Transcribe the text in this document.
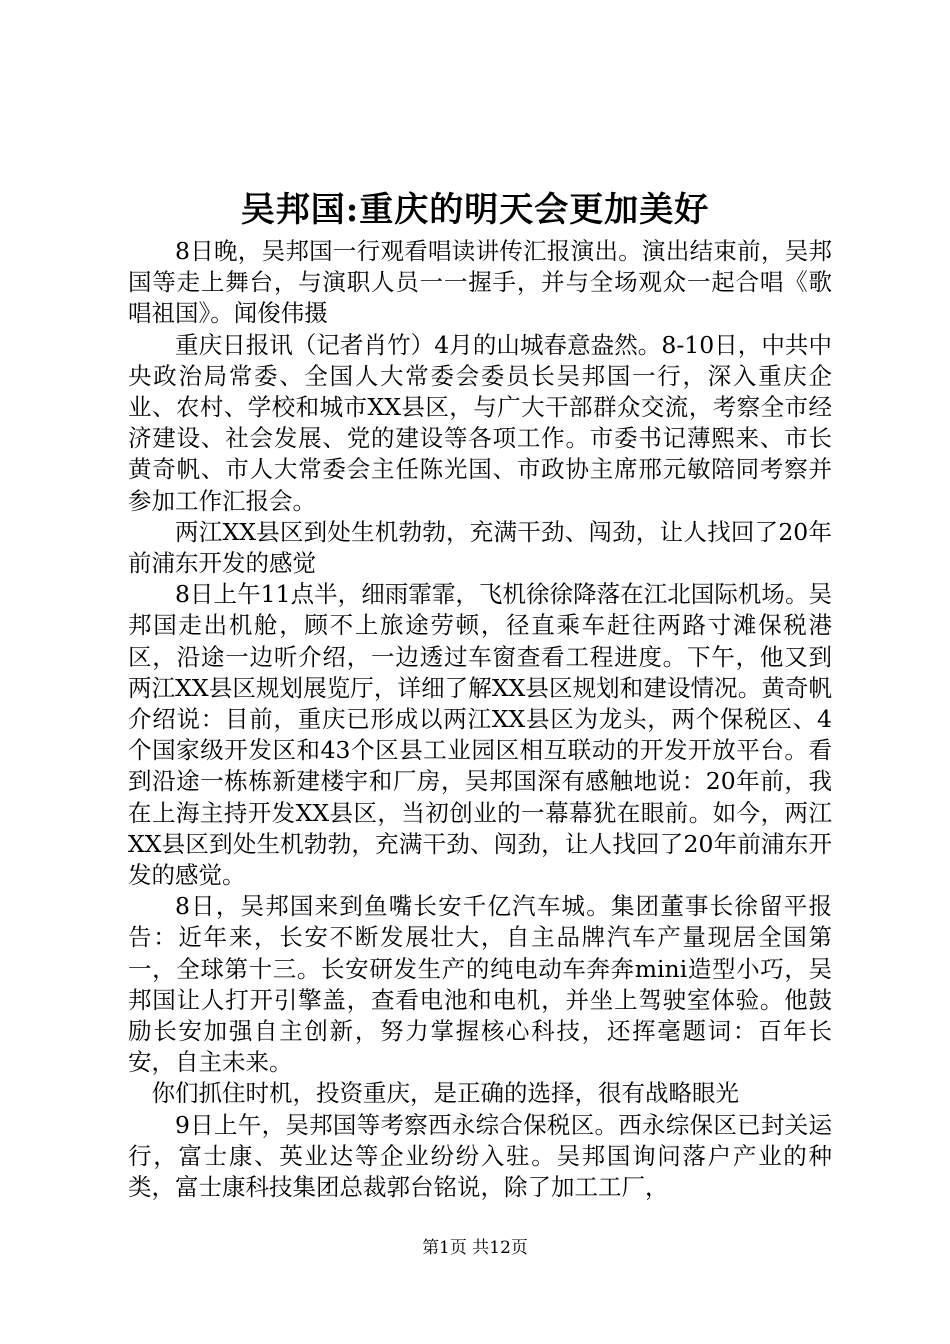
吴邦国:重庆的明天会更加美好

8日晚，吴邦国一行观看唱读讲传汇报演出。演出结束前，吴邦国等走上舞台，与演职人员一一握手，并与全场观众一起合唱《歌唱祖国》。闻俊伟摄

重庆日报讯（记者肖竹）4月的山城春意盎然。8-10日，中共中央政治局常委、全国人大常委会委员长吴邦国一行，深入重庆企业、农村、学校和城市XX县区，与广大干部群众交流，考察全市经济建设、社会发展、党的建设等各项工作。市委书记薄熙来、市长黄奇帆、市人大常委会主任陈光国、市政协主席邢元敏陪同考察并参加工作汇报会。

两江XX县区到处生机勃勃，充满干劲、闯劲，让人找回了20年前浦东开发的感觉

8日上午11点半，细雨霏霏，飞机徐徐降落在江北国际机场。吴邦国走出机舱，顾不上旅途劳顿，径直乘车赶往两路寸滩保税港区，沿途一边听介绍，一边透过车窗查看工程进度。下午，他又到两江XX县区规划展览厅，详细了解XX县区规划和建设情况。黄奇帆介绍说：目前，重庆已形成以两江XX县区为龙头，两个保税区、4个国家级开发区和43个区县工业园区相互联动的开发开放平台。看到沿途一栋栋新建楼宇和厂房，吴邦国深有感触地说：20年前，我在上海主持开发XX县区，当初创业的一幕幕犹在眼前。如今，两江XX县区到处生机勃勃，充满干劲、闯劲，让人找回了20年前浦东开发的感觉。

8日，吴邦国来到鱼嘴长安千亿汽车城。集团董事长徐留平报告：近年来，长安不断发展壮大，自主品牌汽车产量现居全国第一，全球第十三。长安研发生产的纯电动车奔奔mini造型小巧，吴邦国让人打开引擎盖，查看电池和电机，并坐上驾驶室体验。他鼓励长安加强自主创新，努力掌握核心科技，还挥毫题词：百年长安，自主未来。

你们抓住时机，投资重庆，是正确的选择，很有战略眼光

9日上午，吴邦国等考察西永综合保税区。西永综保区已封关运行，富士康、英业达等企业纷纷入驻。吴邦国询问落户产业的种类，富士康科技集团总裁郭台铭说，除了加工工厂，

第1页 共12页
